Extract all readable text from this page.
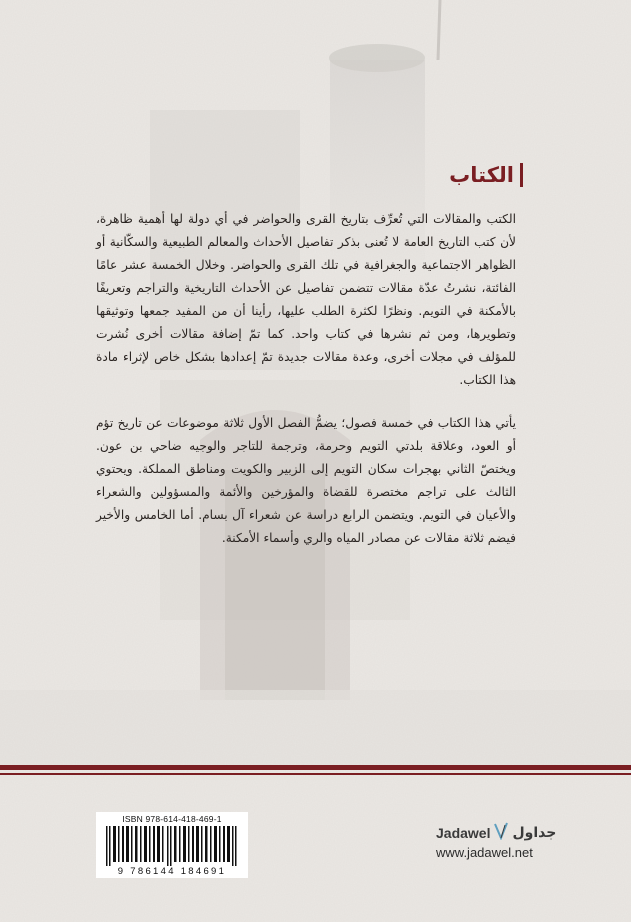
الكتاب
الكتب والمقالات التي تُعرِّف بتاريخ القرى والحواضر في أي دولة لها أهمية ظاهرة، لأن كتب التاريخ العامة لا تُعنى بذكر تفاصيل الأحداث والمعالم الطبيعية والسكّانية أو الظواهر الاجتماعية والجغرافية في تلك القرى والحواضر. وخلال الخمسة عشر عامًا الفائتة، نشرتُ عدّة مقالات تتضمن تفاصيل عن الأحداث التاريخية والتراجم وتعريفًا بالأمكنة في التويم. ونظرًا لكثرة الطلب عليها، رأينا أن من المفيد جمعها وتوثيقها وتطويرها، ومن ثم نشرها في كتاب واحد. كما تمّ إضافة مقالات أخرى نُشرت للمؤلف في مجلات أخرى، وعدة مقالات جديدة تمّ إعدادها بشكل خاص لإثراء مادة هذا الكتاب.
يأتي هذا الكتاب في خمسة فصول؛ يضمُّ الفصل الأول ثلاثة موضوعات عن تاريخ تؤم أو العود، وعلاقة بلدتي التويم وحرمة، وترجمة للتاجر والوجيه ضاحي بن عون. ويختصّ الثاني بهجرات سكان التويم إلى الزبير والكويت ومناطق المملكة. ويحتوي الثالث على تراجم مختصرة للقضاة والمؤرخين والأئمة والمسؤولين والشعراء والأعيان في التويم. ويتضمن الرابع دراسة عن شعراء آل بسام. أما الخامس والأخير فيضم ثلاثة مقالات عن مصادر المياه والري وأسماء الأمكنة.
ISBN 978-614-418-469-1
9 786144 184691
Jadawel جداول
www.jadawel.net
